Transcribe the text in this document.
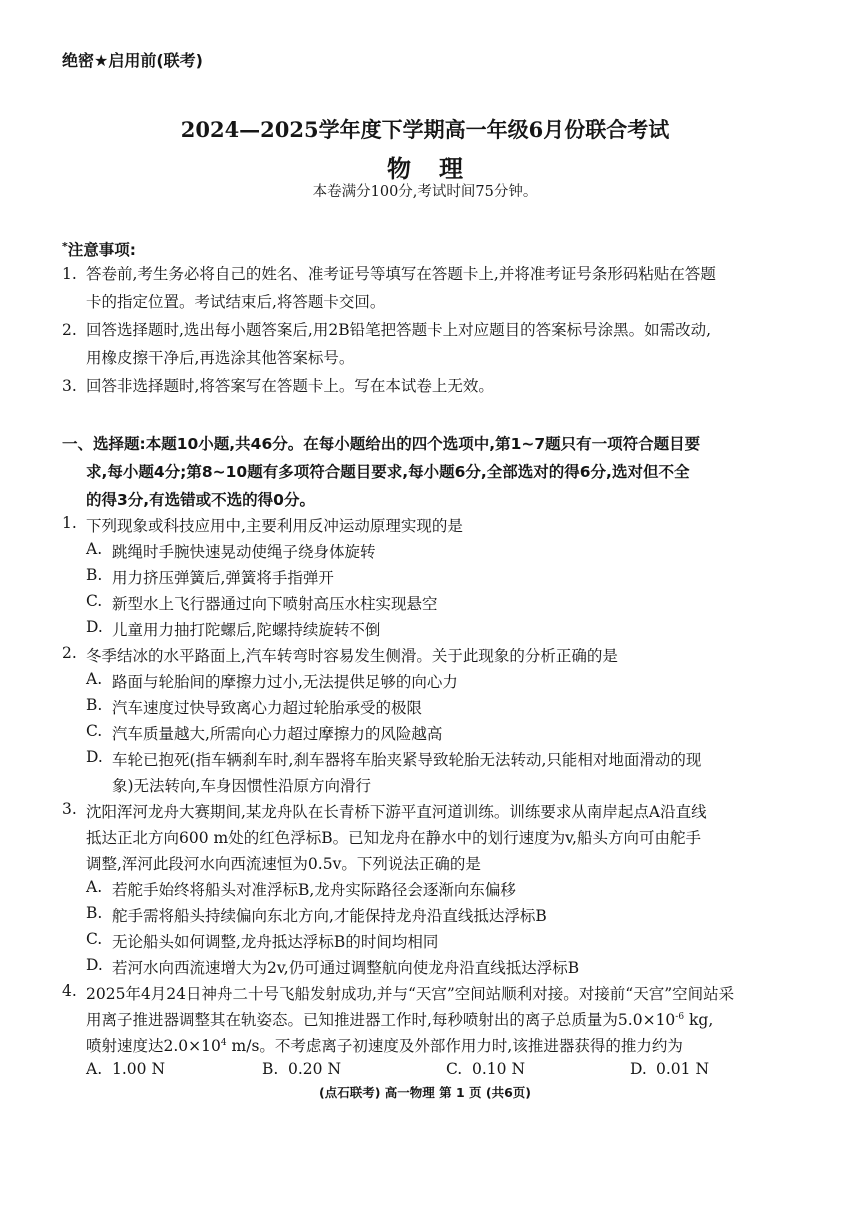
绝密★启用前(联考)
2024—2025学年度下学期高一年级6月份联合考试
物理
本卷满分100分,考试时间75分钟。
*注意事项:
1. 答卷前,考生务必将自己的姓名、准考证号等填写在答题卡上,并将准考证号条形码粘贴在答题
卡的指定位置。考试结束后,将答题卡交回。
2. 回答选择题时,选出每小题答案后,用2B铅笔把答题卡上对应题目的答案标号涂黑。如需改动,
用橡皮擦干净后,再选涂其他答案标号。
3. 回答非选择题时,将答案写在答题卡上。写在本试卷上无效。
一、选择题:本题10小题,共46分。在每小题给出的四个选项中,第1~7题只有一项符合题目要
求,每小题4分;第8~10题有多项符合题目要求,每小题6分,全部选对的得6分,选对但不全
的得3分,有选错或不选的得0分。
1. 下列现象或科技应用中,主要利用反冲运动原理实现的是
A. 跳绳时手腕快速晃动使绳子绕身体旋转
B. 用力挤压弹簧后,弹簧将手指弹开
C. 新型水上飞行器通过向下喷射高压水柱实现悬空
D. 儿童用力抽打陀螺后,陀螺持续旋转不倒
2. 冬季结冰的水平路面上,汽车转弯时容易发生侧滑。关于此现象的分析正确的是
A. 路面与轮胎间的摩擦力过小,无法提供足够的向心力
B. 汽车速度过快导致离心力超过轮胎承受的极限
C. 汽车质量越大,所需向心力超过摩擦力的风险越高
D. 车轮已抱死(指车辆刹车时,刹车器将车胎夹紧导致轮胎无法转动,只能相对地面滑动的现
象)无法转向,车身因惯性沿原方向滑行
3. 沈阳浑河龙舟大赛期间,某龙舟队在长青桥下游平直河道训练。训练要求从南岸起点A沿直线
抵达正北方向600 m处的红色浮标B。已知龙舟在静水中的划行速度为v,船头方向可由舵手
调整,浑河此段河水向西流速恒为0.5v。下列说法正确的是
A. 若舵手始终将船头对准浮标B,龙舟实际路径会逐渐向东偏移
B. 舵手需将船头持续偏向东北方向,才能保持龙舟沿直线抵达浮标B
C. 无论船头如何调整,龙舟抵达浮标B的时间均相同
D. 若河水向西流速增大为2v,仍可通过调整航向使龙舟沿直线抵达浮标B
4. 2025年4月24日神舟二十号飞船发射成功,并与“天宫”空间站顺利对接。对接前“天宫”空间站采
用离子推进器调整其在轨姿态。已知推进器工作时,每秒喷射出的离子总质量为$5.0\times 10^{-6}$ kg,
喷射速度达$2.0\times 10^4$ m/s。不考虑离子初速度及外部作用力时,该推进器获得的推力约为
A. 1.00 N	B. 0.20 N	C. 0.10 N	D. 0.01 N
(点石联考) 高一物理 第 1 页 (共6页)
